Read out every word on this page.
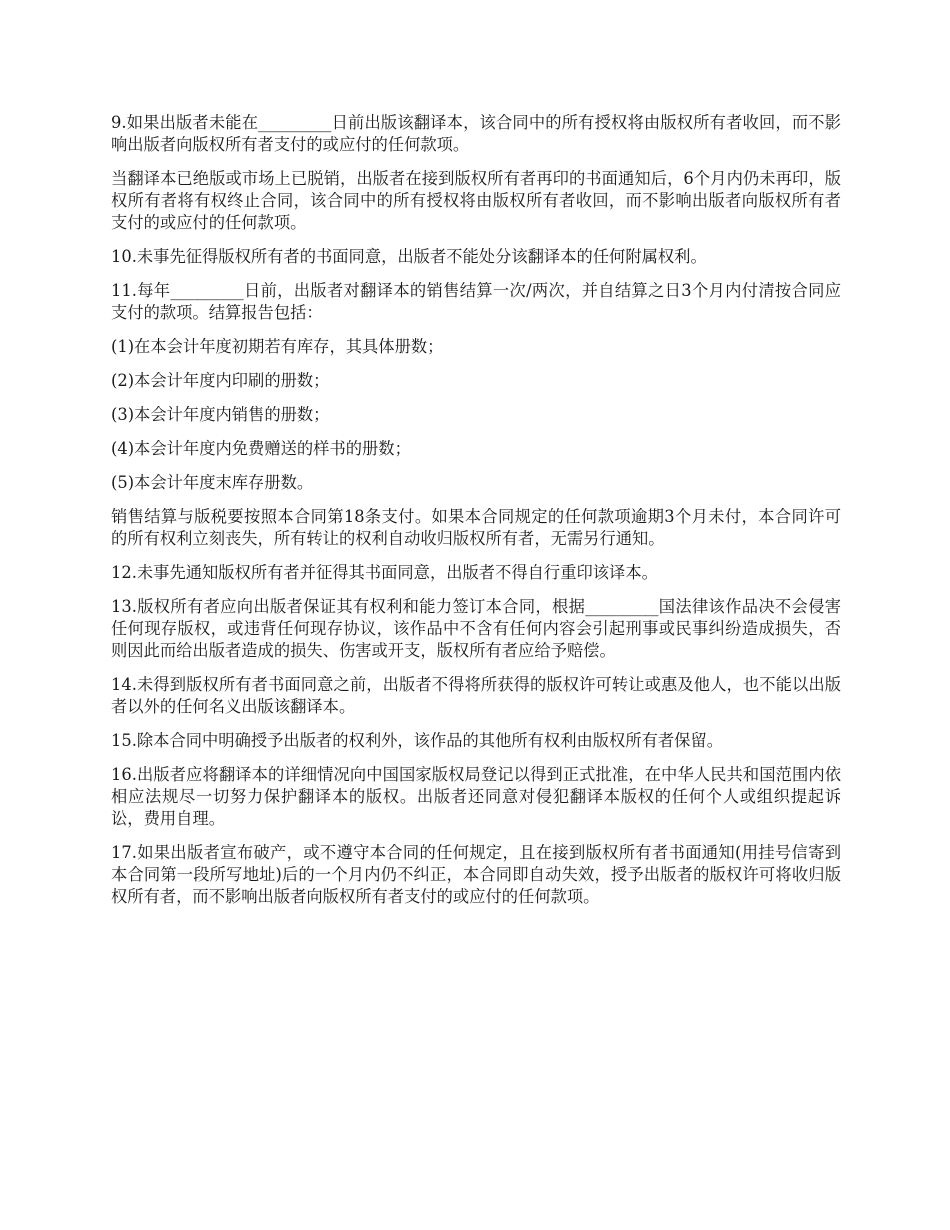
9.如果出版者未能在_________日前出版该翻译本，该合同中的所有授权将由版权所有者收回，而不影响出版者向版权所有者支付的或应付的任何款项。

当翻译本已绝版或市场上已脱销，出版者在接到版权所有者再印的书面通知后，6个月内仍未再印，版权所有者将有权终止合同，该合同中的所有授权将由版权所有者收回，而不影响出版者向版权所有者支付的或应付的任何款项。

10.未事先征得版权所有者的书面同意，出版者不能处分该翻译本的任何附属权利。

11.每年_________日前，出版者对翻译本的销售结算一次/两次，并自结算之日3个月内付清按合同应支付的款项。结算报告包括：

(1)在本会计年度初期若有库存，其具体册数；

(2)本会计年度内印刷的册数；

(3)本会计年度内销售的册数；

(4)本会计年度内免费赠送的样书的册数；

(5)本会计年度末库存册数。

销售结算与版税要按照本合同第18条支付。如果本合同规定的任何款项逾期3个月未付，本合同许可的所有权利立刻丧失，所有转让的权利自动收归版权所有者，无需另行通知。

12.未事先通知版权所有者并征得其书面同意，出版者不得自行重印该译本。

13.版权所有者应向出版者保证其有权利和能力签订本合同，根据_________国法律该作品决不会侵害任何现存版权，或违背任何现存协议，该作品中不含有任何内容会引起刑事或民事纠纷造成损失，否则因此而给出版者造成的损失、伤害或开支，版权所有者应给予赔偿。

14.未得到版权所有者书面同意之前，出版者不得将所获得的版权许可转让或惠及他人，也不能以出版者以外的任何名义出版该翻译本。

15.除本合同中明确授予出版者的权利外，该作品的其他所有权利由版权所有者保留。

16.出版者应将翻译本的详细情况向中国国家版权局登记以得到正式批准，在中华人民共和国范围内依相应法规尽一切努力保护翻译本的版权。出版者还同意对侵犯翻译本版权的任何个人或组织提起诉讼，费用自理。

17.如果出版者宣布破产，或不遵守本合同的任何规定，且在接到版权所有者书面通知(用挂号信寄到本合同第一段所写地址)后的一个月内仍不纠正，本合同即自动失效，授予出版者的版权许可将收归版权所有者，而不影响出版者向版权所有者支付的或应付的任何款项。
